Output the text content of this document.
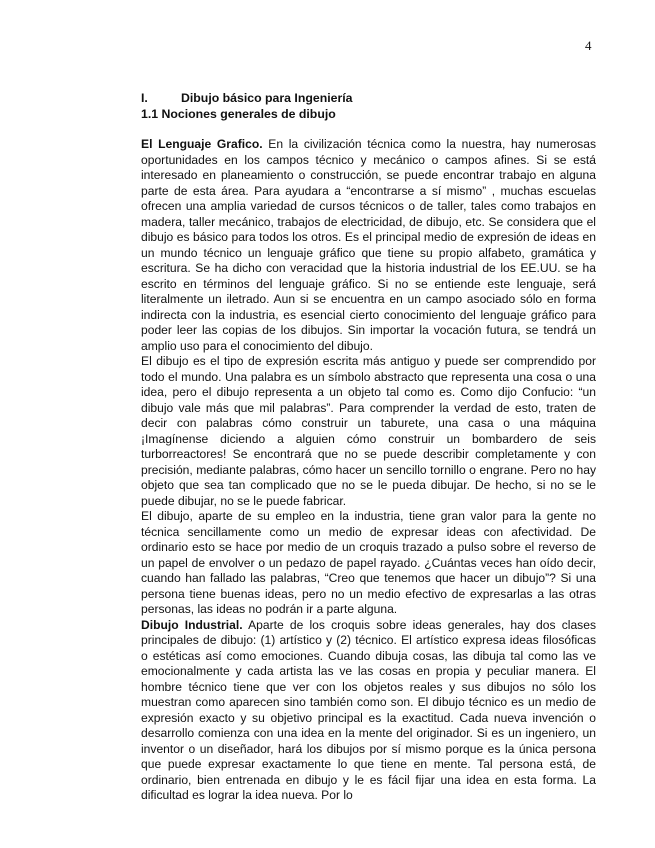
4

I.	Dibujo básico para Ingeniería

1.1 Nociones generales de dibujo

El Lenguaje Grafico. En la civilización técnica como la nuestra, hay numerosas oportunidades en los campos técnico y mecánico o campos afines. Si se está interesado en planeamiento o construcción, se puede encontrar trabajo en alguna parte de esta área. Para ayudara a “encontrarse a sí mismo” , muchas escuelas ofrecen una amplia variedad de cursos técnicos o de taller, tales como trabajos en madera, taller mecánico, trabajos de electricidad, de dibujo, etc. Se considera que el dibujo es básico para todos los otros. Es el principal medio de expresión de ideas en un mundo técnico un lenguaje gráfico que tiene su propio alfabeto, gramática y escritura. Se ha dicho con veracidad que la historia industrial de los EE.UU. se ha escrito en términos del lenguaje gráfico. Si no se entiende este lenguaje, será literalmente un iletrado. Aun si se encuentra en un campo asociado sólo en forma indirecta con la industria, es esencial cierto conocimiento del lenguaje gráfico para poder leer las copias de los dibujos. Sin importar la vocación futura, se tendrá un amplio uso para el conocimiento del dibujo.

El dibujo es el tipo de expresión escrita más antiguo y puede ser comprendido por todo el mundo. Una palabra es un símbolo abstracto que representa una cosa o una idea, pero el dibujo representa a un objeto tal como es. Como dijo Confucio: “un dibujo vale más que mil palabras”. Para comprender la verdad de esto, traten de decir con palabras cómo construir un taburete, una casa o una máquina ¡Imagínense diciendo a alguien cómo construir un bombardero de seis turborreactores! Se encontrará que no se puede describir completamente y con precisión, mediante palabras, cómo hacer un sencillo tornillo o engrane. Pero no hay objeto que sea tan complicado que no se le pueda dibujar. De hecho, si no se le puede dibujar, no se le puede fabricar.

El dibujo, aparte de su empleo en la industria, tiene gran valor para la gente no técnica sencillamente como un medio de expresar ideas con afectividad. De ordinario esto se hace por medio de un croquis trazado a pulso sobre el reverso de un papel de envolver o un pedazo de papel rayado. ¿Cuántas veces han oído decir, cuando han fallado las palabras, “Creo que tenemos que hacer un dibujo”? Si una persona tiene buenas ideas, pero no un medio efectivo de expresarlas a las otras personas, las ideas no podrán ir a parte alguna.

Dibujo Industrial. Aparte de los croquis sobre ideas generales, hay dos clases principales de dibujo: (1) artístico y (2) técnico. El artístico expresa ideas filosóficas o estéticas así como emociones. Cuando dibuja cosas, las dibuja tal como las ve emocionalmente y cada artista las ve las cosas en propia y peculiar manera. El hombre técnico tiene que ver con los objetos reales y sus dibujos no sólo los muestran como aparecen sino también como son. El dibujo técnico es un medio de expresión exacto y su objetivo principal es la exactitud. Cada nueva invención o desarrollo comienza con una idea en la mente del originador. Si es un ingeniero, un inventor o un diseñador, hará los dibujos por sí mismo porque es la única persona que puede expresar exactamente lo que tiene en mente. Tal persona está, de ordinario, bien entrenada en dibujo y le es fácil fijar una idea en esta forma. La dificultad es lograr la idea nueva. Por lo
